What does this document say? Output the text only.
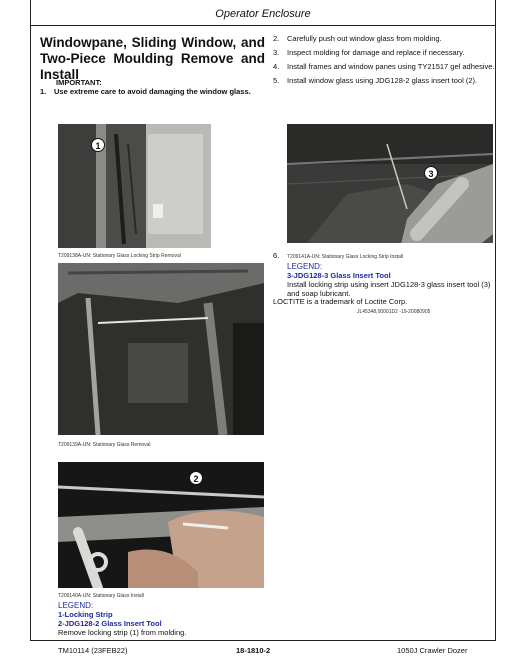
Operator Enclosure
Windowpane, Sliding Window, and Two-Piece Moulding Remove and Install
IMPORTANT:
1.	Use extreme care to avoid damaging the window glass.
2.	Carefully push out window glass from molding.
3.	Inspect molding for damage and replace if necessary.
4.	Install frames and window panes using TY21517 gel adhesive.
5.	Install window glass using JDG128-2 glass insert tool (2).
1
T209138A-UN: Stationary Glass Locking Strip Removal
3
6.	T209141A-UN: Stationary Glass Locking Strip Install
LEGEND:
3-JDG128-3 Glass Insert Tool
Install locking strip using insert JDG128-3 glass insert tool (3) and soap lubricant.
LOCTITE is a trademark of Loctite Corp.
JL45348,00001D2 -19-20080905
T209139A-UN: Stationary Glass Removal
2
T209140A-UN: Stationary Glass Install
LEGEND:
1-Locking Strip
2-JDG128-2 Glass Insert Tool
Remove locking strip (1) from molding.
TM10114 (23FEB22)	18-1810-2	1050J Crawler Dozer
